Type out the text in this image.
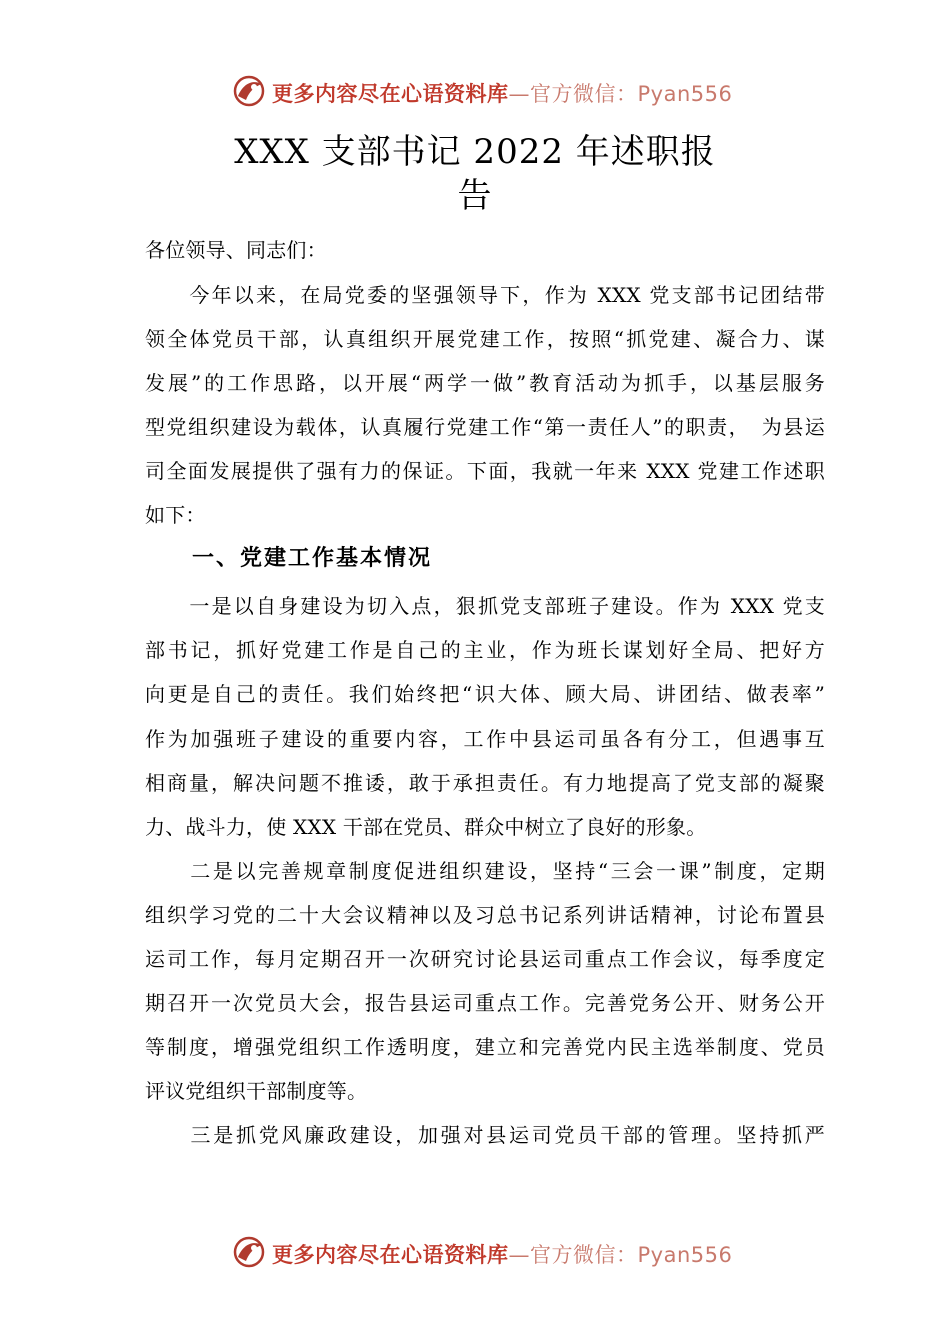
更多内容尽在心语资料库—官方微信：Pyan556
XXX 支部书记 2022 年述职报
告
各位领导、同志们：
　　今年以来，在局党委的坚强领导下，作为 XXX 党支部书记团结带
领全体党员干部，认真组织开展党建工作，按照“抓党建、凝合力、谋
发展”的工作思路，以开展“两学一做”教育活动为抓手，以基层服务
型党组织建设为载体，认真履行党建工作“第一责任人”的职责，　为县运
司全面发展提供了强有力的保证。下面，我就一年来 XXX 党建工作述职
如下：
一、党建工作基本情况
　　一是以自身建设为切入点，狠抓党支部班子建设。作为 XXX 党支
部书记，抓好党建工作是自己的主业，作为班长谋划好全局、把好方
向更是自己的责任。我们始终把“识大体、顾大局、讲团结、做表率”
作为加强班子建设的重要内容，工作中县运司虽各有分工，但遇事互
相商量，解决问题不推诿，敢于承担责任。有力地提高了党支部的凝聚
力、战斗力，使 XXX 干部在党员、群众中树立了良好的形象。
　　二是以完善规章制度促进组织建设，坚持“三会一课”制度，定期
组织学习党的二十大会议精神以及习总书记系列讲话精神，讨论布置县
运司工作，每月定期召开一次研究讨论县运司重点工作会议，每季度定
期召开一次党员大会，报告县运司重点工作。完善党务公开、财务公开
等制度，增强党组织工作透明度，建立和完善党内民主选举制度、党员
评议党组织干部制度等。
　　三是抓党风廉政建设，加强对县运司党员干部的管理。坚持抓严
更多内容尽在心语资料库—官方微信：Pyan556
